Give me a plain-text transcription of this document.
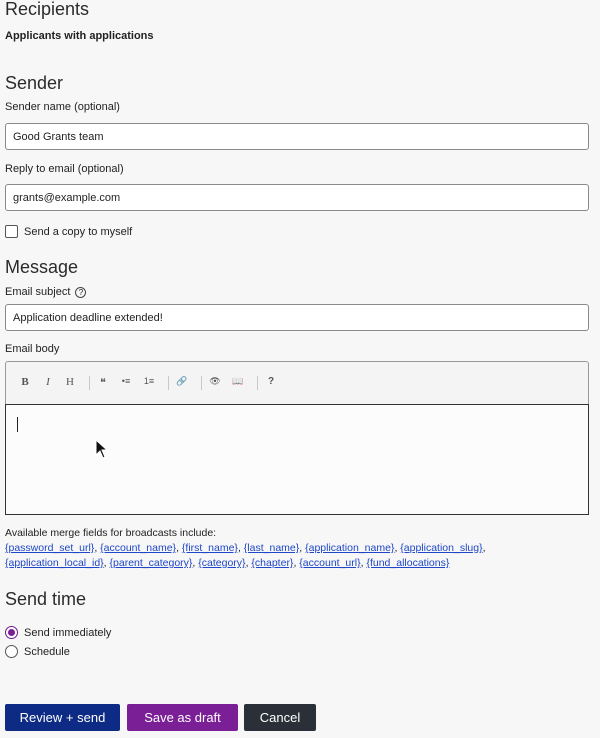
Recipients
Applicants with applications
Sender
Sender name (optional)
Good Grants team
Reply to email (optional)
grants@example.com
Send a copy to myself
Message
Email subject	?
Application deadline extended!
Email body
B	I	H	❝	•≡	1≡ 🔗 👁 📖	?
Available merge fields for broadcasts include:
{password_set_url}, {account_name}, {first_name}, {last_name}, {application_name}, {application_slug},
{application_local_id}, {parent_category}, {category}, {chapter}, {account_url}, {fund_allocations}
Send time
Send immediately
Schedule
Review + send	Save as draft	Cancel
